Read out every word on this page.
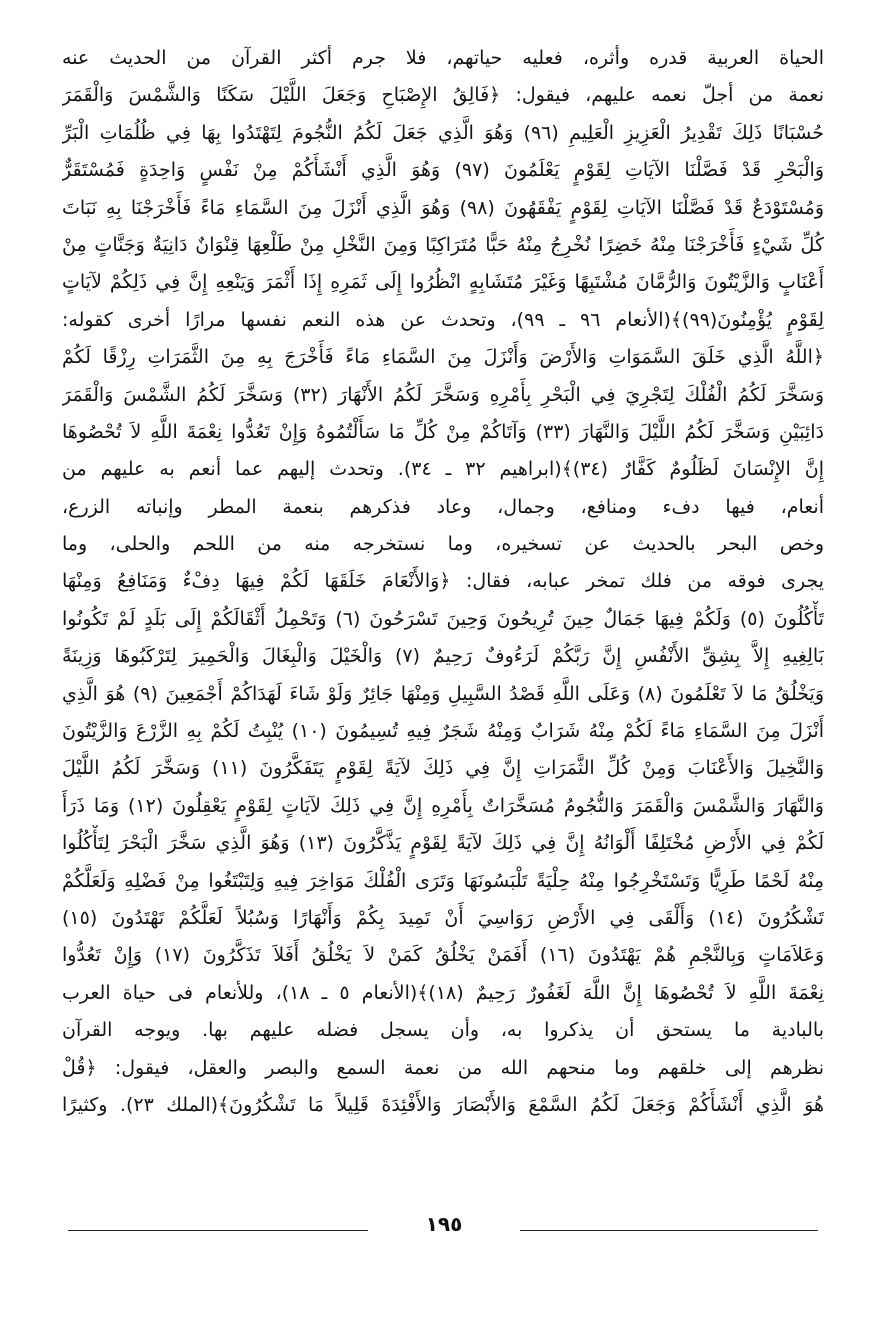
الحياة العربية قدره وأثره، فعليه حياتهم، فلا جرم أكثر القرآن من الحديث عنه
نعمة من أجلّ نعمه عليهم، فيقول: ﴿فَالِقُ الإِصْبَاحِ وَجَعَلَ اللَّيْلَ سَكَنًا وَالشَّمْسَ وَالْقَمَرَ
حُسْبَانًا ذَلِكَ تَقْدِيرُ الْعَزِيزِ الْعَلِيمِ (٩٦) وَهُوَ الَّذِي جَعَلَ لَكُمُ النُّجُومَ لِتَهْتَدُوا بِهَا فِي ظُلُمَاتِ الْبَرِّ
وَالْبَحْرِ قَدْ فَصَّلْنَا الآيَاتِ لِقَوْمٍ يَعْلَمُونَ (٩٧) وَهُوَ الَّذِي أَنْشَأَكُمْ مِنْ نَفْسٍ وَاحِدَةٍ فَمُسْتَقَرٌّ
وَمُسْتَوْدَعٌ قَدْ فَصَّلْنَا الآيَاتِ لِقَوْمٍ يَفْقَهُونَ (٩٨) وَهُوَ الَّذِي أَنْزَلَ مِنَ السَّمَاءِ مَاءً فَأَخْرَجْنَا بِهِ نَبَاتَ
كُلِّ شَيْءٍ فَأَخْرَجْنَا مِنْهُ خَضِرًا نُخْرِجُ مِنْهُ حَبًّا مُتَرَاكِبًا وَمِنَ النَّخْلِ مِنْ طَلْعِهَا قِنْوَانٌ دَانِيَةٌ وَجَنَّاتٍ مِنْ
أَعْنَابٍ وَالزَّيْتُونَ وَالرُّمَّانَ مُشْتَبِهًا وَغَيْرَ مُتَشَابِهٍ انْظُرُوا إِلَى ثَمَرِهِ إِذَا أَثْمَرَ وَيَنْعِهِ إِنَّ فِي ذَلِكُمْ لآيَاتٍ
لِقَوْمٍ يُؤْمِنُونَ(٩٩)﴾(الأنعام ٩٦ ـ ٩٩)، وتحدث عن هذه النعم نفسها مرارًا أخرى كقوله:
﴿اللَّهُ الَّذِي خَلَقَ السَّمَوَاتِ وَالأَرْضَ وَأَنْزَلَ مِنَ السَّمَاءِ مَاءً فَأَخْرَجَ بِهِ مِنَ الثَّمَرَاتِ رِزْقًا لَكُمْ
وَسَخَّرَ لَكُمُ الْفُلْكَ لِتَجْرِيَ فِي الْبَحْرِ بِأَمْرِهِ وَسَخَّرَ لَكُمُ الأَنْهَارَ (٣٢) وَسَخَّرَ لَكُمُ الشَّمْسَ وَالْقَمَرَ
دَائِبَيْنِ وَسَخَّرَ لَكُمُ اللَّيْلَ وَالنَّهَارَ (٣٣) وَآتَاكُمْ مِنْ كُلِّ مَا سَأَلْتُمُوهُ وَإِنْ تَعُدُّوا نِعْمَةَ اللَّهِ لاَ تُحْصُوهَا
إِنَّ الإِنْسَانَ لَظَلُومٌ كَفَّارٌ (٣٤)﴾(ابراهيم ٣٢ ـ ٣٤). وتحدث إليهم عما أنعم به عليهم من
أنعام، فيها دفء ومنافع، وجمال، وعاد فذكرهم بنعمة المطر وإنباته الزرع،
وخص البحر بالحديث عن تسخيره، وما نستخرجه منه من اللحم والحلى، وما
يجرى فوقه من فلك تمخر عبابه، فقال: ﴿وَالأَنْعَامَ خَلَقَهَا لَكُمْ فِيهَا دِفْءٌ وَمَنَافِعُ وَمِنْهَا
تَأْكُلُونَ (٥) وَلَكُمْ فِيهَا جَمَالٌ حِينَ تُرِيحُونَ وَحِينَ تَسْرَحُونَ (٦) وَتَحْمِلُ أَثْقَالَكُمْ إِلَى بَلَدٍ لَمْ تَكُونُوا
بَالِغِيهِ إِلاَّ بِشِقِّ الأَنْفُسِ إِنَّ رَبَّكُمْ لَرَءُوفٌ رَحِيمٌ (٧) وَالْخَيْلَ وَالْبِغَالَ وَالْحَمِيرَ لِتَرْكَبُوهَا وَزِينَةً
وَيَخْلُقُ مَا لاَ تَعْلَمُونَ (٨) وَعَلَى اللَّهِ قَصْدُ السَّبِيلِ وَمِنْهَا جَائِرٌ وَلَوْ شَاءَ لَهَدَاكُمْ أَجْمَعِينَ (٩) هُوَ الَّذِي
أَنْزَلَ مِنَ السَّمَاءِ مَاءً لَكُمْ مِنْهُ شَرَابٌ وَمِنْهُ شَجَرٌ فِيهِ تُسِيمُونَ (١٠) يُنْبِتُ لَكُمْ بِهِ الزَّرْعَ وَالزَّيْتُونَ
وَالنَّخِيلَ وَالأَعْنَابَ وَمِنْ كُلِّ الثَّمَرَاتِ إِنَّ فِي ذَلِكَ لآيَةً لِقَوْمٍ يَتَفَكَّرُونَ (١١) وَسَخَّرَ لَكُمُ اللَّيْلَ
وَالنَّهَارَ وَالشَّمْسَ وَالْقَمَرَ وَالنُّجُومُ مُسَخَّرَاتٌ بِأَمْرِهِ إِنَّ فِي ذَلِكَ لآيَاتٍ لِقَوْمٍ يَعْقِلُونَ (١٢) وَمَا ذَرَأَ
لَكُمْ فِي الأَرْضِ مُخْتَلِفًا أَلْوَانُهُ إِنَّ فِي ذَلِكَ لآيَةً لِقَوْمٍ يَذَّكَّرُونَ (١٣) وَهُوَ الَّذِي سَخَّرَ الْبَحْرَ لِتَأْكُلُوا
مِنْهُ لَحْمًا طَرِيًّا وَتَسْتَخْرِجُوا مِنْهُ حِلْيَةً تَلْبَسُونَهَا وَتَرَى الْفُلْكَ مَوَاخِرَ فِيهِ وَلِتَبْتَغُوا مِنْ فَضْلِهِ وَلَعَلَّكُمْ
تَشْكُرُونَ (١٤) وَأَلْقَى فِي الأَرْضِ رَوَاسِيَ أَنْ تَمِيدَ بِكُمْ وَأَنْهَارًا وَسُبُلاً لَعَلَّكُمْ تَهْتَدُونَ (١٥)
وَعَلاَمَاتٍ وَبِالنَّجْمِ هُمْ يَهْتَدُونَ (١٦) أَفَمَنْ يَخْلُقُ كَمَنْ لاَ يَخْلُقُ أَفَلاَ تَذَكَّرُونَ (١٧) وَإِنْ تَعُدُّوا
نِعْمَةَ اللَّهِ لاَ تُحْصُوهَا إِنَّ اللَّهَ لَغَفُورٌ رَحِيمٌ (١٨)﴾(الأنعام ٥ ـ ١٨)، وللأنعام فى حياة العرب
بالبادية ما يستحق أن يذكروا به، وأن يسجل فضله عليهم بها. ويوجه القرآن
نظرهم إلى خلقهم وما منحهم الله من نعمة السمع والبصر والعقل، فيقول: ﴿قُلْ
هُوَ الَّذِي أَنْشَأَكُمْ وَجَعَلَ لَكُمُ السَّمْعَ وَالأَبْصَارَ وَالأَفْئِدَةَ قَلِيلاً مَا تَشْكُرُونَ﴾(الملك ٢٣). وكثيرًا
١٩٥
